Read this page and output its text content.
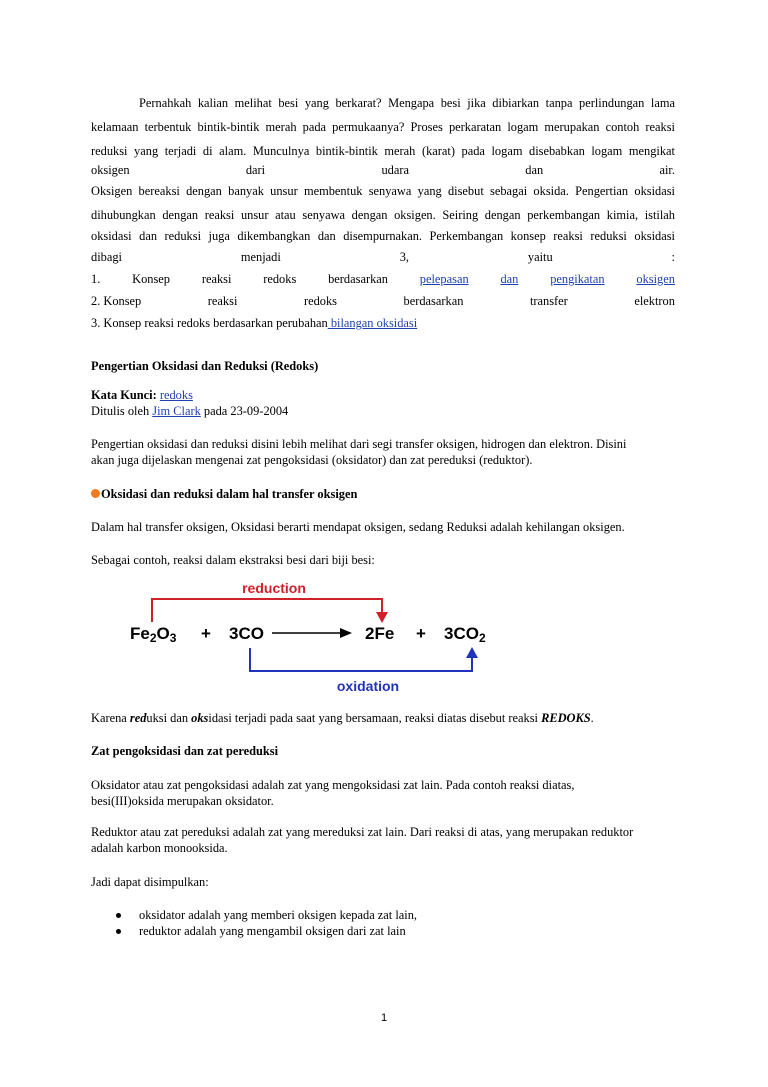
Pernahkah kalian melihat besi yang berkarat? Mengapa besi jika dibiarkan tanpa perlindungan lama
kelamaan terbentuk bintik-bintik merah pada permukaanya? Proses perkaratan logam merupakan contoh reaksi
reduksi yang terjadi di alam. Munculnya bintik-bintik merah (karat) pada logam disebabkan logam mengikat
oksigen	dari	udara	dan	air.
Oksigen bereaksi dengan banyak unsur membentuk senyawa yang disebut sebagai oksida. Pengertian oksidasi
dihubungkan dengan reaksi unsur atau senyawa dengan oksigen. Seiring dengan perkembangan kimia, istilah
oksidasi dan reduksi juga dikembangkan dan disempurnakan. Perkembangan konsep reaksi reduksi oksidasi
dibagi	menjadi	3,	yaitu	:
1.	Konsep	reaksi	redoks	berdasarkan	pelepasan	dan	pengikatan	oksigen
2. Konsep	reaksi	redoks	berdasarkan	transfer	elektron
3. Konsep reaksi redoks berdasarkan perubahan bilangan oksidasi
Pengertian Oksidasi dan Reduksi (Redoks)
Kata Kunci: redoks
Ditulis oleh Jim Clark pada 23-09-2004
Pengertian oksidasi dan reduksi disini lebih melihat dari segi transfer oksigen, hidrogen dan elektron. Disini
akan juga dijelaskan mengenai zat pengoksidasi (oksidator) dan zat pereduksi (reduktor).
Oksidasi dan reduksi dalam hal transfer oksigen
Dalam hal transfer oksigen, Oksidasi berarti mendapat oksigen, sedang Reduksi adalah kehilangan oksigen.
Sebagai contoh, reaksi dalam ekstraksi besi dari biji besi:
reduction
Fe2O3 + 3CO	2Fe + 3CO2
oxidation
Karena reduksi dan oksidasi terjadi pada saat yang bersamaan, reaksi diatas disebut reaksi REDOKS.
Zat pengoksidasi dan zat pereduksi
Oksidator atau zat pengoksidasi adalah zat yang mengoksidasi zat lain. Pada contoh reaksi diatas,
besi(III)oksida merupakan oksidator.
Reduktor atau zat pereduksi adalah zat yang mereduksi zat lain. Dari reaksi di atas, yang merupakan reduktor
adalah karbon monooksida.
Jadi dapat disimpulkan:
oksidator adalah yang memberi oksigen kepada zat lain,
reduktor adalah yang mengambil oksigen dari zat lain
1
